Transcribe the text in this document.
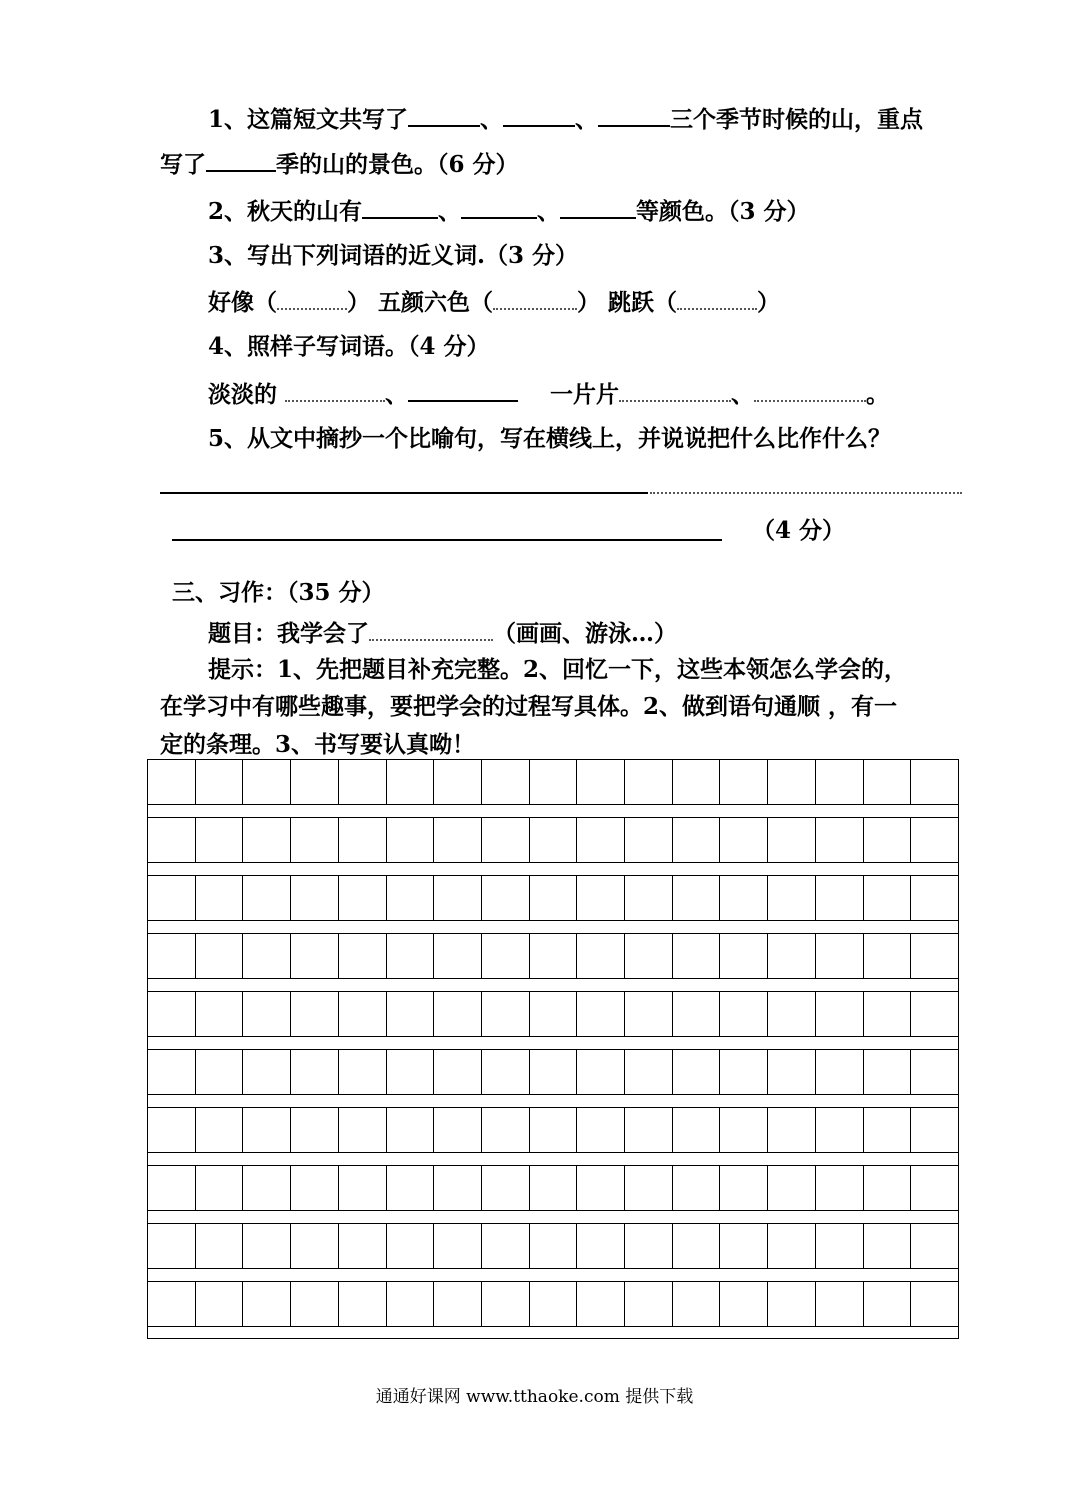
1、这篇短文共写了	、	、	三个季节时候的山，重点
写了	季的山的景色。（6 分）
2、秋天的山有	、	、	等颜色。（3 分）
3、写出下列词语的近义词.（3 分）
好像（	） 五颜六色（	） 跳跃（	）
4、照样子写词语。（4 分）
淡淡的	、	一片片	、	。
5、从文中摘抄一个比喻句，写在横线上，并说说把什么比作什么？
（4 分）
三、习作：（35 分）
题目：我学会了	（画画、游泳…）
提示：1、先把题目补充完整。2、回忆一下，这些本领怎么学会的，
在学习中有哪些趣事，要把学会的过程写具体。2、做到语句通顺 ，有一
定的条理。3、书写要认真呦！
通通好课网 www.tthaoke.com 提供下载
